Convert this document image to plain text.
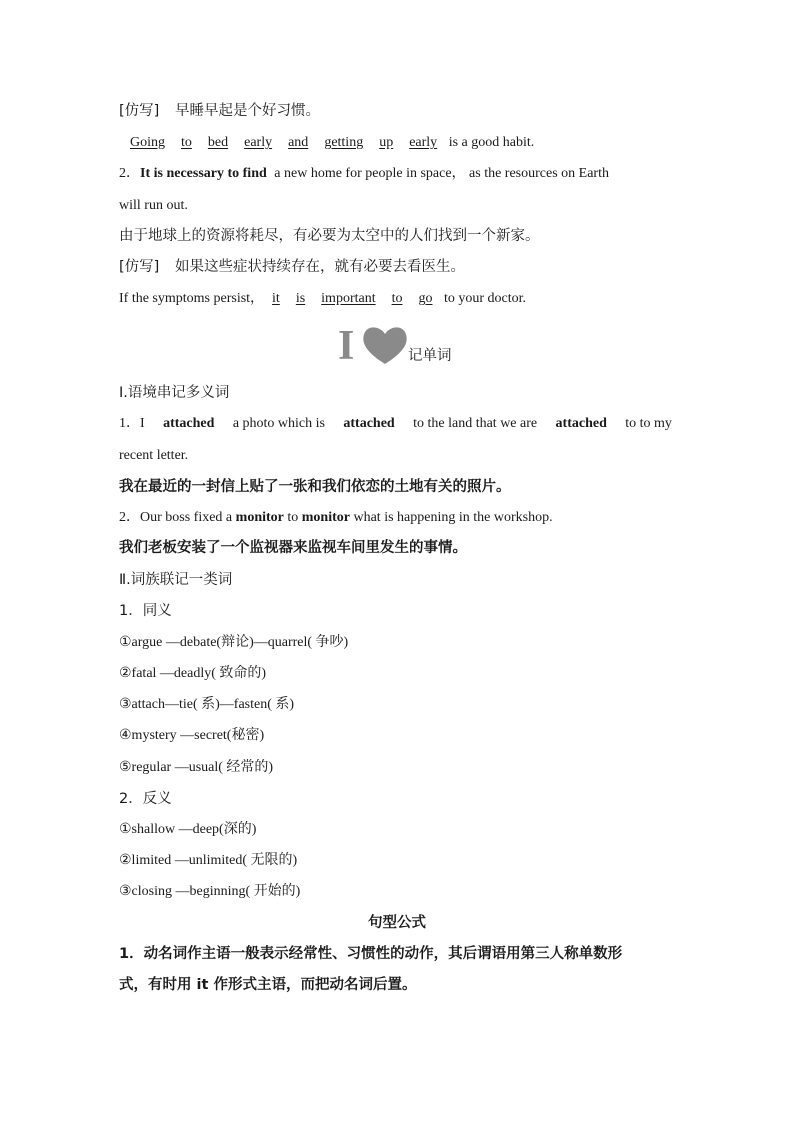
[仿写] 早睡早起是个好习惯。
Going to bed early and getting up early is a good habit.
2．It is necessary to find a new home for people in space， as the resources on Earth
will run out.
由于地球上的资源将耗尽，有必要为太空中的人们找到一个新家。
[仿写] 如果这些症状持续存在，就有必要去看医生。
If the symptoms persist， it is important to go to your doctor.
I	记单词
Ⅰ.语境串记多义词
1．I attached a photo which is attached to the land that we are attached to to my
recent letter.
我在最近的一封信上贴了一张和我们依恋的土地有关的照片。
2．Our boss fixed a monitor to monitor what is happening in the workshop.
我们老板安装了一个监视器来监视车间里发生的事情。
Ⅱ.词族联记一类词
1．同义
①argue —debate(辩论)—quarrel( 争吵)
②fatal —deadly( 致命的)
③attach—tie( 系)—fasten( 系)
④mystery —secret(秘密)
⑤regular —usual( 经常的)
2．反义
①shallow —deep(深的)
②limited —unlimited( 无限的)
③closing —beginning( 开始的)
句型公式
1．动名词作主语一般表示经常性、习惯性的动作，其后谓语用第三人称单数形
式，有时用 it 作形式主语，而把动名词后置。
